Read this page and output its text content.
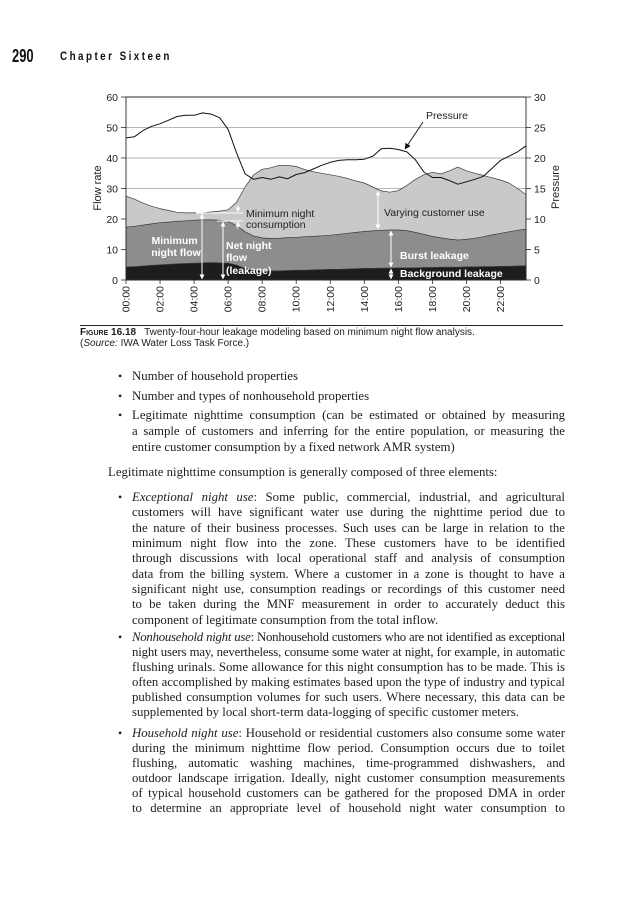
290 Chapter Sixteen
0
10
20
30
40
50
60
0
5
10
15
20
25
30
00:00 02:00 04:00 06:00 08:00 10:00 12:00 14:00 16:00 18:00 20:00 22:00
Flow rate	Pressure
Pressure
Minimum night flow
Net night flow (leakage)
Minimum night consumption
Varying customer use
Burst leakage
Background leakage
Figure 16.18 Twenty-four-hour leakage modeling based on minimum night flow analysis.
(Source: IWA Water Loss Task Force.)
• Number of household properties
• Number and types of nonhousehold properties
• Legitimate nighttime consumption (can be estimated or obtained by measuring
a sample of customers and inferring for the entire population, or measuring the
entire customer consumption by a fixed network AMR system)
Legitimate nighttime consumption is generally composed of three elements:
• Exceptional night use: Some public, commercial, industrial, and agricultural
customers will have significant water use during the nighttime period due to
the nature of their business processes. Such uses can be large in relation to the
minimum night flow into the zone. These customers have to be identified
through discussions with local operational staff and analysis of consumption
data from the billing system. Where a customer in a zone is thought to have a
significant night use, consumption readings or recordings of this customer need
to be taken during the MNF measurement in order to accurately deduct this
component of legitimate consumption from the total inflow.
• Nonhousehold night use: Nonhousehold customers who are not identified as exceptional
night users may, nevertheless, consume some water at night, for example, in automatic
flushing urinals. Some allowance for this night consumption has to be made. This is
often accomplished by making estimates based upon the type of industry and typical
published consumption volumes for such users. Where necessary, this data can be
supplemented by local short-term data-logging of specific customer meters.
• Household night use: Household or residential customers also consume some water
during the minimum nighttime flow period. Consumption occurs due to toilet
flushing, automatic washing machines, time-programmed dishwashers, and
outdoor landscape irrigation. Ideally, night customer consumption measurements
of typical household customers can be gathered for the proposed DMA in order
to determine an appropriate level of household night water consumption to
